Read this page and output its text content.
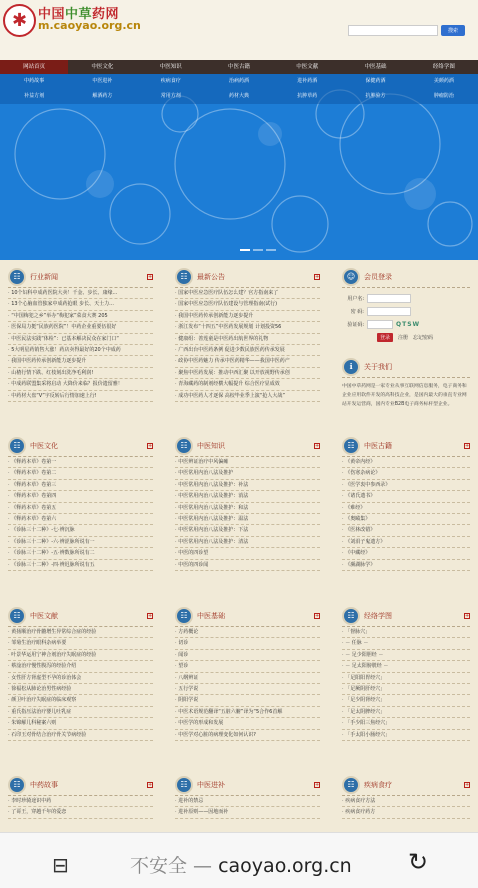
✱ 中国中草药网
m.caoyao.org.cn	搜索
网站首页	中医文化	中医知识	中医古籍	中医文献	中医基础	经络学图
中药故事	中医进补	疾病食疗	治病药酒	进补药酒	保健药酒	美颜药酒
补益方剂	解酒药方	常用方剂	药材大典	抗肿草药	抗肿验方	肿瘤防治
☷	行业新闻	+
· 10个妇科中成药医院大卖！千金、步长、康缘...
· 13个心脑血管独家中成药抢眼 步长、天士力...
· “中国梅犯之乡”举办“梅犯家”菜食大赛 205
· 医保局力挺“民族药医院”！中药企业重要伍很好
· 中医民法实践“体检”：已基本解决民众在家门口“
· 5大明星药销售大涨！药店卖得最好的20个中成药
· 我国中医药传承创新能力逐步提升
· 山楂行情下跌、红枝刻出洗净毛利润!
· 中成药联盟集采将启动 大降价来临？报价遗留雅！
· 中药材大盘“V”字反转后行情加速上行!
☷	最新公告	+
· 国家中医应急医疗队伍怎么建？官方指南来了
· 国家中医应急医疗队伍建设与管理指南(试行)
· 我国中医药传承创新能力逐步提升
· 浙江发布“十四五”中医药发展规划 计划投资56
· 健康组：善莲童是中医药出航世界的礼物
· 广西出台中医药条例 促进少数民族医药传承发展
· 政协中医药魅力 传承中医药精华——我国中医药产
· 聚焦中医药发展：推动中西汇聚 以开放视野传承创
· 青海藏药的制剂经横大幅提升 综合医疗显成效
· 成功中医药人才逐保 高校毕业季上演“抢人大战”
☺	会员登录
用户名:
密 码:
验证码:	QTSW
登录	注册 忘记密码
ℹ	关于我们
中国中草药网是一家专业从事互联网信息服务，电子商务和企业应用软件开发的高科技企业，是国内最大的垂直专业网站开发运营商，国内专业B2B电子商务标杆型企业。
☷	中医文化	+
· 《释药本草》卷第一
· 《释药本草》卷第二
· 《释药本草》卷第三
· 《释药本草》卷第四
· 《释药本草》卷第五
· 《释药本草》卷第六
· 《诊脉三十二种》-七·辨沉脉
· 《诊脉三十二种》-六·辨涩脉所说有一
· 《诊脉三十二种》-五·辨数脉所说有二
· 《诊脉三十二种》-四·辨迟脉所说有五
☷	中医知识	+
· 中医辨证治疗中风偏瘫
· 中医常用内治八法及推护
· 中医常用内治八法及推护：补法
· 中医常用内治八法及推护：消法
· 中医常用内治八法及推护：和法
· 中医常用内治八法及推护：温法
· 中医常用内治八法及推护：下法
· 中医常用内治八法及推护：清法
· 中医的四诊望
· 中医的四诊闻
☷	中医古籍	+
· 《黄帝内经》
· 《伤寒杂病论》
· 《医学衷中参西录》
· 《诸氏遗书》
· 《难经》
· 《奥赜集》
· 《医林改错》
· 《刘涓子鬼遗方》
· 《中藏经》
· 《濒湖脉学》
☷	中医文献	+
· 黄扬顺治疗骨髓增生异常综合症的经验
· 邹菊生治疗眼科杂病举要
· 叶景华运用宁神合剂治疗失眠症的经验
· 蔡淦治疗慢性腹泻的经验介绍
· 女性肝方肾虚型不孕的诊治体会
· 徐福松从肺论治男性病经验
· 颜卫叶治疗失眠症的临床观察
· 重氏指压法治疗婴儿吐乳症
· 朱锦解儿科秘案六则
· 石印玉对骨结合治疗骨关节病经验
☷	中医基础	+
· 方药概论
· 切诊
· 闻诊
· 望诊
· 八纲辨证
· 五行学说
· 阴阳学说
· 中医术语规范翻译“五脏六腑”译为“5合作6首解
· 中医学的形成和发展
· 中医学对心脏的病理变化如何认识?
☷	经络学图	+
· 「督脉穴」
· － 任脉 －
· － 足少阳胆经 －
· － 足太阳膀胱经 －
· 「足阳阳胃经穴」
· 「足厥阴肝经穴」
· 「足少阴肾经穴」
· 「足太阴脾经穴」
· 「手少阳三焦经穴」
· 「手太阳小肠经穴」
☷	中药故事	+
· 李时珍骑途识中药
· 了哥王，穿越千年的爱恋
☷	中医进补	+
· 进补的禁忌
· 进补原则——因地而补
☷	疾病食疗	+
· 疾病食疗方法
· 疾病食疗药方
⊟	不安全 — caoyao.org.cn ↻
